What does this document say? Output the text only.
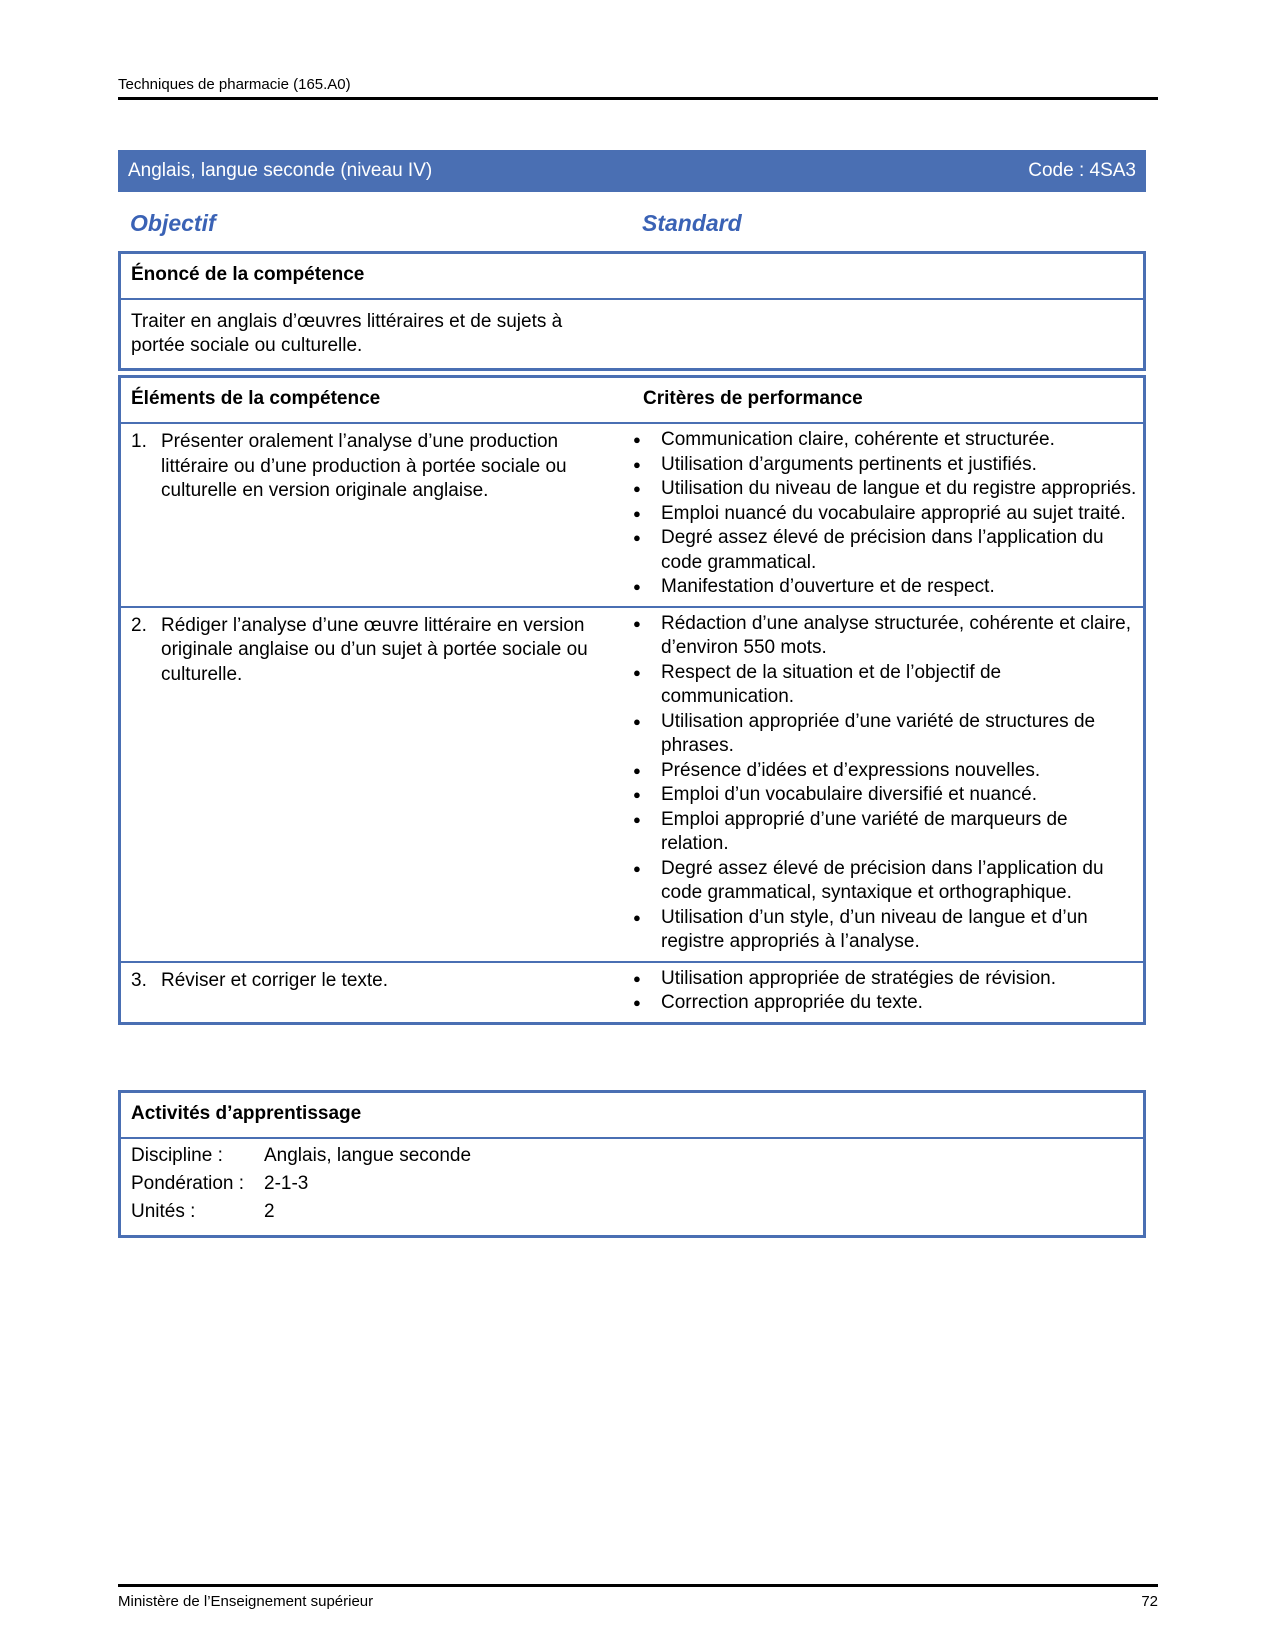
Techniques de pharmacie (165.A0)
Anglais, langue seconde (niveau IV)	Code : 4SA3
Objectif	Standard
Énoncé de la compétence
Traiter en anglais d’œuvres littéraires et de sujets à portée sociale ou culturelle.
Éléments de la compétence	Critères de performance
1. Présenter oralement l’analyse d’une production littéraire ou d’une production à portée sociale ou culturelle en version originale anglaise.
●	Communication claire, cohérente et structurée.
●	Utilisation d’arguments pertinents et justifiés.
●	Utilisation du niveau de langue et du registre appropriés.
●	Emploi nuancé du vocabulaire approprié au sujet traité.
●	Degré assez élevé de précision dans l’application du code grammatical.
●	Manifestation d’ouverture et de respect.
2. Rédiger l’analyse d’une œuvre littéraire en version originale anglaise ou d’un sujet à portée sociale ou culturelle.
●	Rédaction d’une analyse structurée, cohérente et claire, d’environ 550 mots.
●	Respect de la situation et de l’objectif de communication.
●	Utilisation appropriée d’une variété de structures de phrases.
●	Présence d’idées et d’expressions nouvelles.
●	Emploi d’un vocabulaire diversifié et nuancé.
●	Emploi approprié d’une variété de marqueurs de relation.
●	Degré assez élevé de précision dans l’application du code grammatical, syntaxique et orthographique.
●	Utilisation d’un style, d’un niveau de langue et d’un registre appropriés à l’analyse.
3. Réviser et corriger le texte.	●	Utilisation appropriée de stratégies de révision.
●	Correction appropriée du texte.
Activités d’apprentissage
Discipline :	Anglais, langue seconde
Pondération :	2-1-3
Unités :	2
Ministère de l’Enseignement supérieur	72
